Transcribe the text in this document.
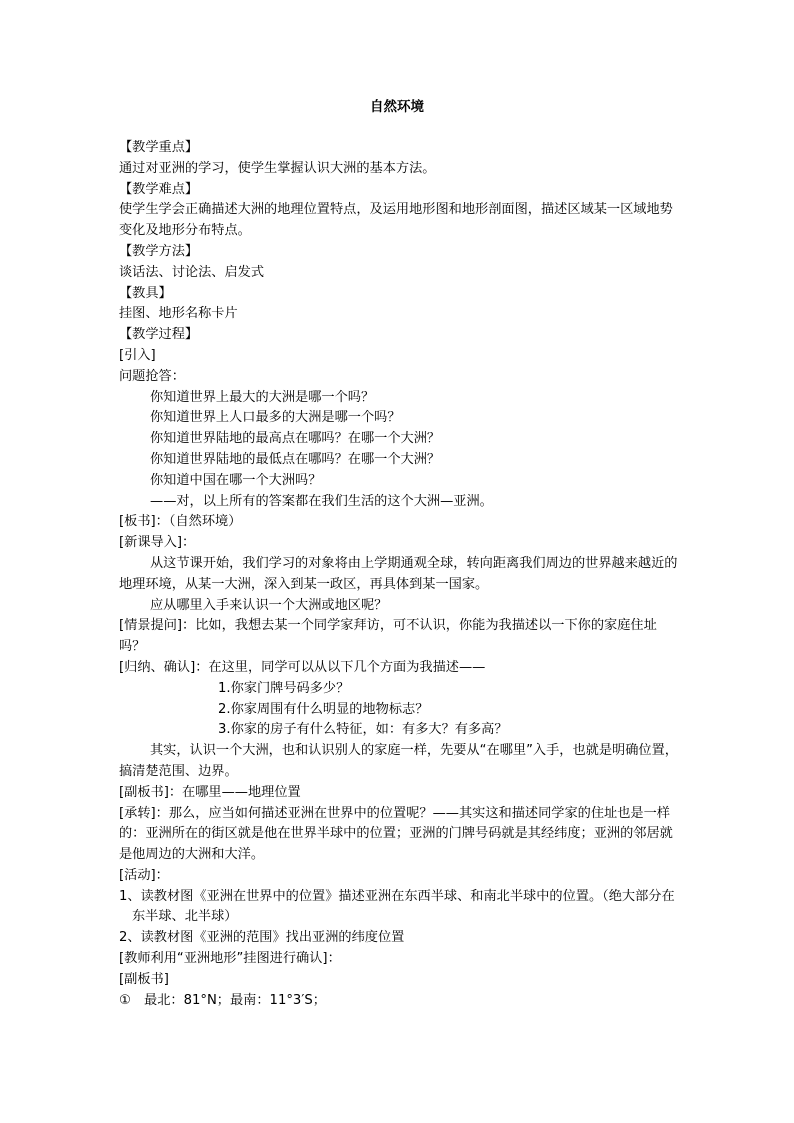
自然环境

【教学重点】

通过对亚洲的学习，使学生掌握认识大洲的基本方法。

【教学难点】

使学生学会正确描述大洲的地理位置特点，及运用地形图和地形剖面图，描述区域某一区域地势变化及地形分布特点。

【教学方法】

谈话法、讨论法、启发式

【教具】

挂图、地形名称卡片

【教学过程】

[引入]

问题抢答：

你知道世界上最大的大洲是哪一个吗？

你知道世界上人口最多的大洲是哪一个吗？

你知道世界陆地的最高点在哪吗？在哪一个大洲？

你知道世界陆地的最低点在哪吗？在哪一个大洲？

你知道中国在哪一个大洲吗？

——对，以上所有的答案都在我们生活的这个大洲—亚洲。

[板书]：（自然环境）

[新课导入]：

从这节课开始，我们学习的对象将由上学期通观全球，转向距离我们周边的世界越来越近的地理环境，从某一大洲，深入到某一政区，再具体到某一国家。

应从哪里入手来认识一个大洲或地区呢？

[情景提问]：比如，我想去某一个同学家拜访，可不认识，你能为我描述以一下你的家庭住址吗？

[归纳、确认]：在这里，同学可以从以下几个方面为我描述——

1.你家门牌号码多少？

2.你家周围有什么明显的地物标志？

3.你家的房子有什么特征，如：有多大？有多高？

其实，认识一个大洲，也和认识别人的家庭一样，先要从“在哪里”入手，也就是明确位置，搞清楚范围、边界。

[副板书]：在哪里——地理位置

[承转]：那么，应当如何描述亚洲在世界中的位置呢？——其实这和描述同学家的住址也是一样的：亚洲所在的街区就是他在世界半球中的位置；亚洲的门牌号码就是其经纬度；亚洲的邻居就是他周边的大洲和大洋。

[活动]：

1、读教材图《亚洲在世界中的位置》描述亚洲在东西半球、和南北半球中的位置。（绝大部分在东半球、北半球）

2、读教材图《亚洲的范围》找出亚洲的纬度位置

[教师利用“亚洲地形”挂图进行确认]：

[副板书]

①　最北：81°N；最南：11°3′S；
